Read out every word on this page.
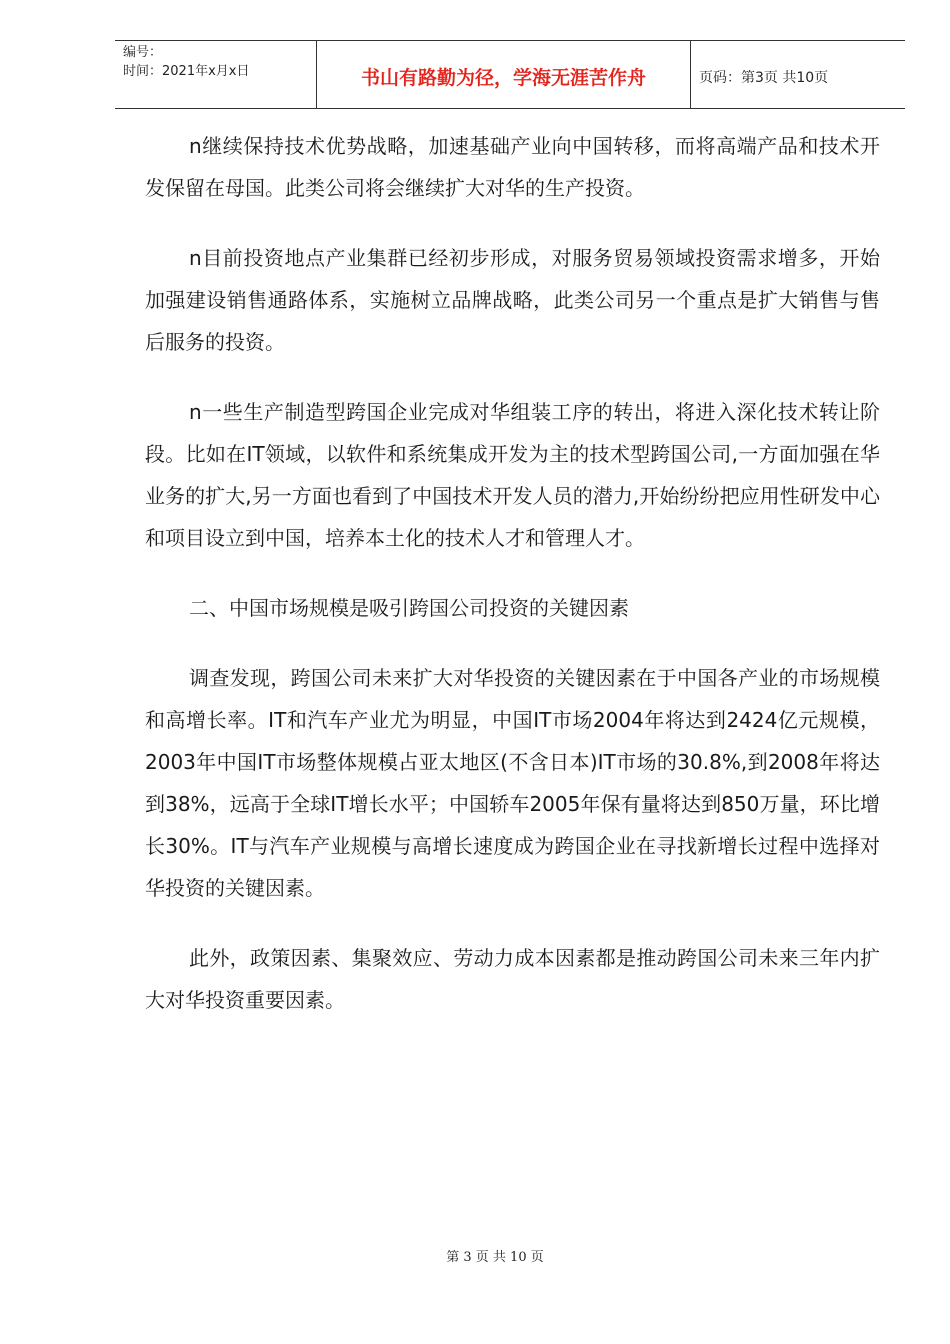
编号：
时间：2021年x月x日	书山有路勤为径，学海无涯苦作舟	页码：第3页 共10页

n继续保持技术优势战略，加速基础产业向中国转移，而将高端产品和技术开发保留在母国。此类公司将会继续扩大对华的生产投资。

n目前投资地点产业集群已经初步形成，对服务贸易领域投资需求增多，开始加强建设销售通路体系，实施树立品牌战略，此类公司另一个重点是扩大销售与售后服务的投资。

n一些生产制造型跨国企业完成对华组装工序的转出，将进入深化技术转让阶段。比如在IT领域，以软件和系统集成开发为主的技术型跨国公司,一方面加强在华业务的扩大,另一方面也看到了中国技术开发人员的潜力,开始纷纷把应用性研发中心和项目设立到中国，培养本土化的技术人才和管理人才。

二、中国市场规模是吸引跨国公司投资的关键因素

调查发现，跨国公司未来扩大对华投资的关键因素在于中国各产业的市场规模和高增长率。IT和汽车产业尤为明显，中国IT市场2004年将达到2424亿元规模，2003年中国IT市场整体规模占亚太地区(不含日本)IT市场的30.8%,到2008年将达到38%，远高于全球IT增长水平；中国轿车2005年保有量将达到850万量，环比增长30%。IT与汽车产业规模与高增长速度成为跨国企业在寻找新增长过程中选择对华投资的关键因素。

此外，政策因素、集聚效应、劳动力成本因素都是推动跨国公司未来三年内扩大对华投资重要因素。

第 3 页 共 10 页
